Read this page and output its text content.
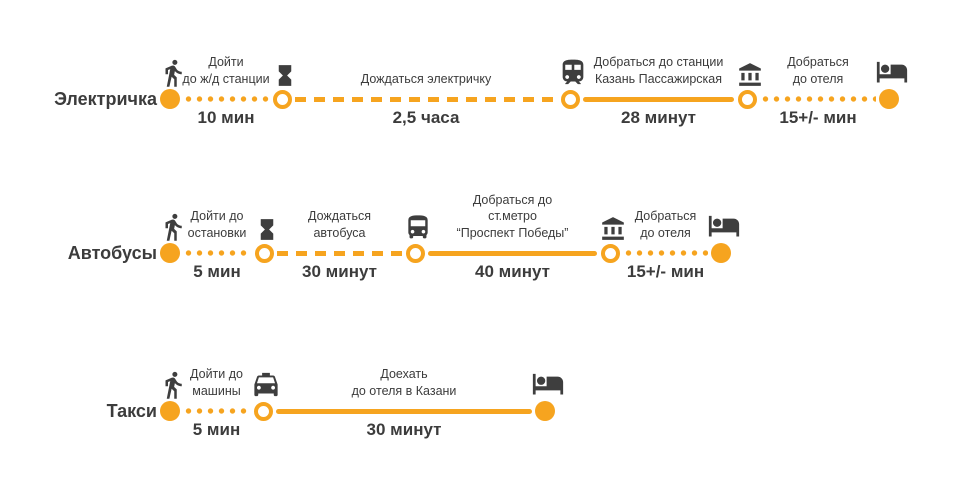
Электричка
Дойти
до ж/д станции
10 мин
Дождаться электричку
2,5 часа
Добраться до станции
Казань Пассажирская
28 минут
Добраться
до отеля
15+/- мин
Автобусы
Дойти до
остановки
5 мин
Дождаться
автобуса
30 минут
Добраться до
ст.метро
“Проспект Победы”
40 минут
Добраться
до отеля
15+/- мин
Такси
Дойти до
машины
5 мин
Доехать
до отеля в Казани
30 минут
